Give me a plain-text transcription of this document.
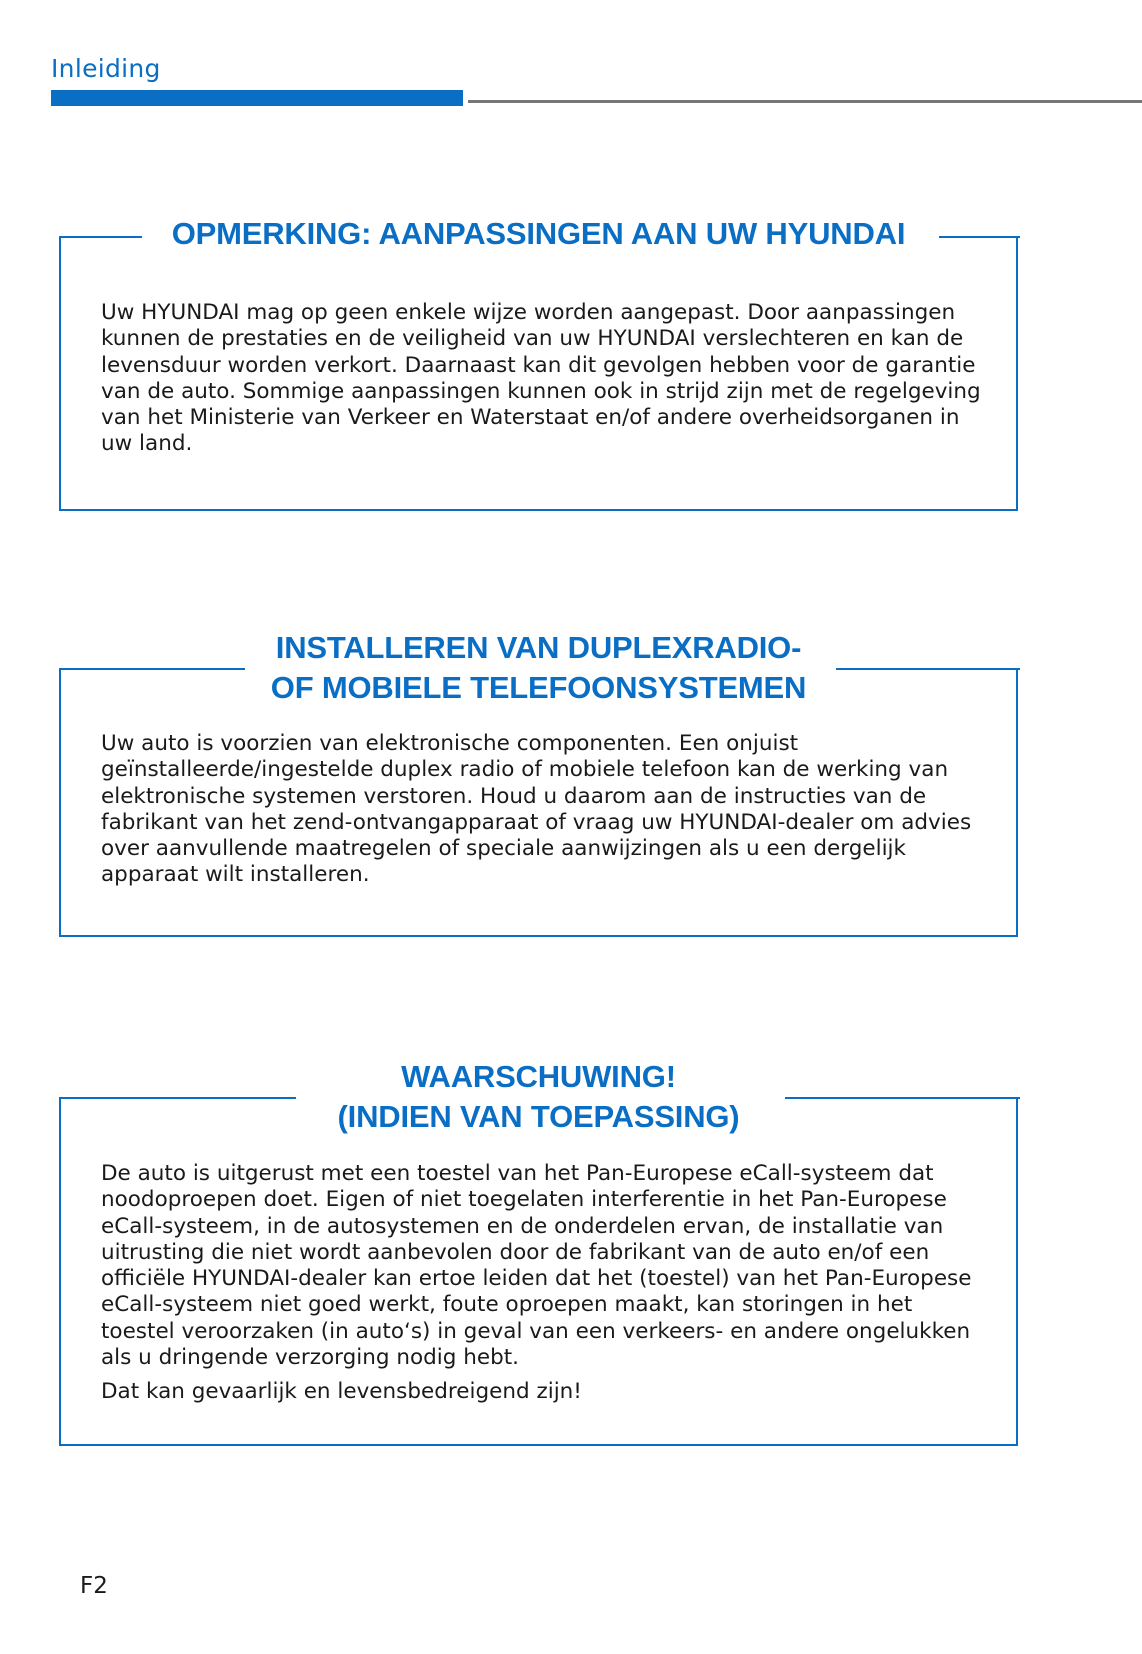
Inleiding
OPMERKING: AANPASSINGEN AAN UW HYUNDAI

Uw HYUNDAI mag op geen enkele wijze worden aangepast. Door aanpassingen kunnen de prestaties en de veiligheid van uw HYUNDAI verslechteren en kan de levensduur worden verkort. Daarnaast kan dit gevolgen hebben voor de garantie van de auto. Sommige aanpassingen kunnen ook in strijd zijn met de regelgeving van het Ministerie van Verkeer en Waterstaat en/of andere overheidsorganen in uw land.

INSTALLEREN VAN DUPLEXRADIO-
OF MOBIELE TELEFOONSYSTEMEN

Uw auto is voorzien van elektronische componenten. Een onjuist geïnstalleerde/ingestelde duplex radio of mobiele telefoon kan de werking van elektronische systemen verstoren. Houd u daarom aan de instructies van de fabrikant van het zend-ontvangapparaat of vraag uw HYUNDAI-dealer om advies over aanvullende maatregelen of speciale aanwijzingen als u een dergelijk apparaat wilt installeren.

WAARSCHUWING!
(INDIEN VAN TOEPASSING)

De auto is uitgerust met een toestel van het Pan-Europese eCall-systeem dat noodoproepen doet. Eigen of niet toegelaten interferentie in het Pan-Europese eCall-systeem, in de autosystemen en de onderdelen ervan, de installatie van uitrusting die niet wordt aanbevolen door de fabrikant van de auto en/of een officiële HYUNDAI-dealer kan ertoe leiden dat het (toestel) van het Pan-Europese eCall-systeem niet goed werkt, foute oproepen maakt, kan storingen in het toestel veroorzaken (in auto‘s) in geval van een verkeers- en andere ongelukken als u dringende verzorging nodig hebt.

Dat kan gevaarlijk en levensbedreigend zijn!

F2
